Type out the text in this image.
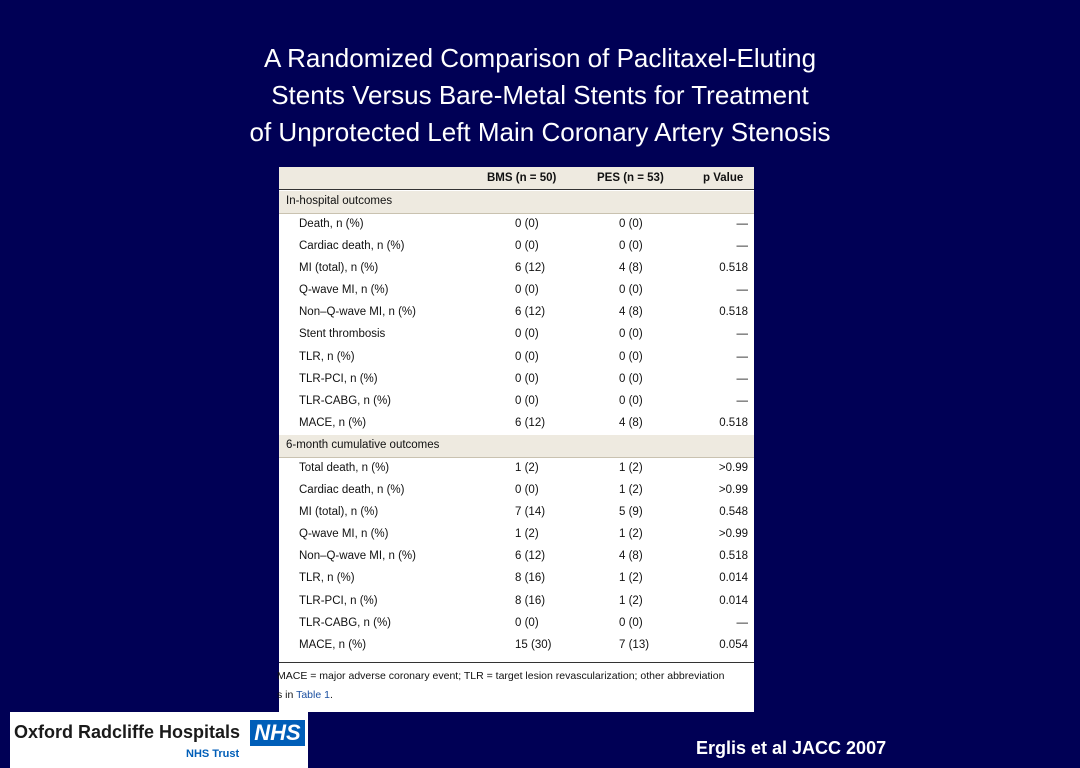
A Randomized Comparison of Paclitaxel-Eluting
Stents Versus Bare-Metal Stents for Treatment
of Unprotected Left Main Coronary Artery Stenosis
BMS (n = 50)	PES (n = 53)	p Value
In-hospital outcomes
Death, n (%)	0 (0)	0 (0)	—
Cardiac death, n (%)	0 (0)	0 (0)	—
MI (total), n (%)	6 (12)	4 (8)	0.518
Q-wave MI, n (%)	0 (0)	0 (0)	—
Non–Q-wave MI, n (%)	6 (12)	4 (8)	0.518
Stent thrombosis	0 (0)	0 (0)	—
TLR, n (%)	0 (0)	0 (0)	—
TLR-PCI, n (%)	0 (0)	0 (0)	—
TLR-CABG, n (%)	0 (0)	0 (0)	—
MACE, n (%)	6 (12)	4 (8)	0.518
6-month cumulative outcomes
Total death, n (%)	1 (2)	1 (2)	>0.99
Cardiac death, n (%)	0 (0)	1 (2)	>0.99
MI (total), n (%)	7 (14)	5 (9)	0.548
Q-wave MI, n (%)	1 (2)	1 (2)	>0.99
Non–Q-wave MI, n (%)	6 (12)	4 (8)	0.518
TLR, n (%)	8 (16)	1 (2)	0.014
TLR-PCI, n (%)	8 (16)	1 (2)	0.014
TLR-CABG, n (%)	0 (0)	0 (0)	—
MACE, n (%)	15 (30)	7 (13)	0.054
MACE = major adverse coronary event; TLR = target lesion revascularization; other abbreviation
s in Table 1.
Oxford Radcliffe Hospitals NHS
NHS Trust	Erglis et al JACC 2007
